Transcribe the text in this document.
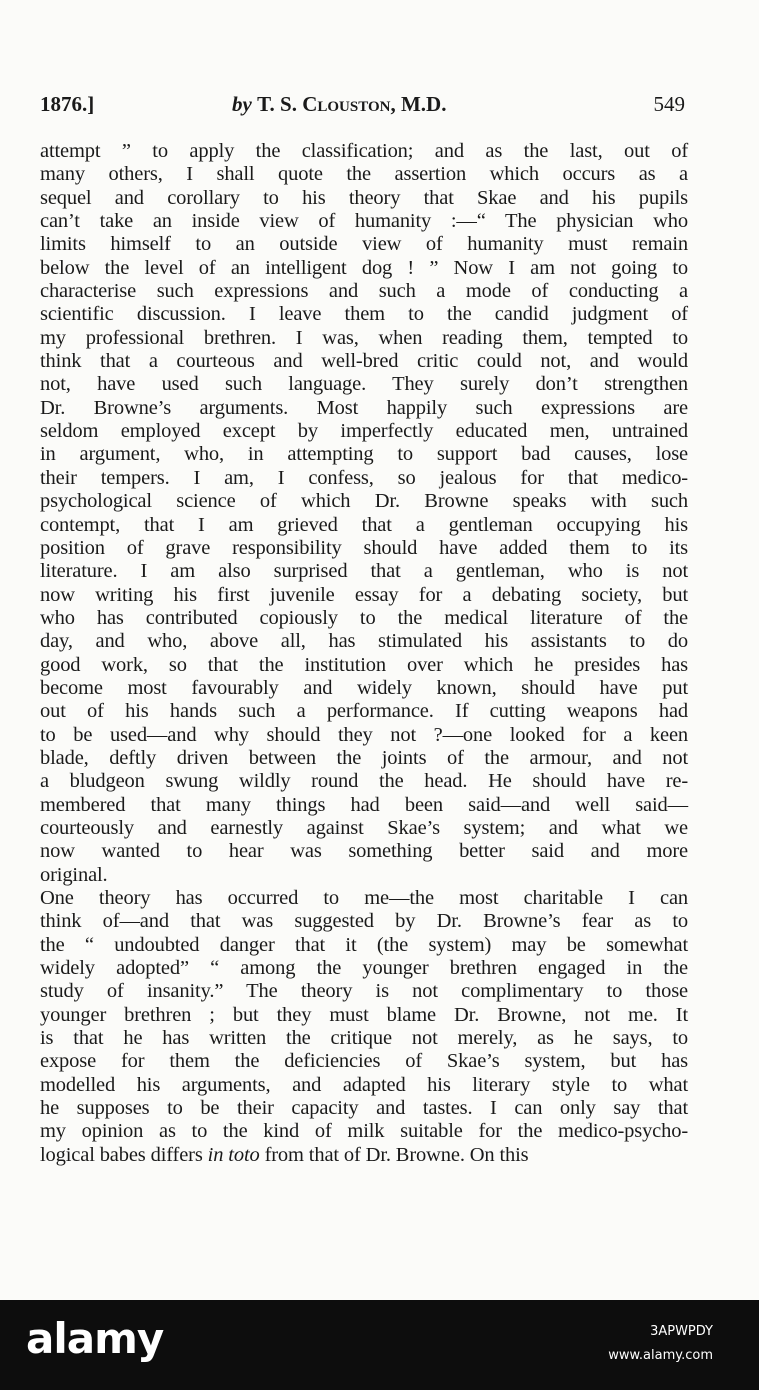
1876.]	by T. S. Clouston, M.D.	549
attempt ” to apply the classification; and as the last, out of
many others, I shall quote the assertion which occurs as a
sequel and corollary to his theory that Skae and his pupils
can’t take an inside view of humanity :—“ The physician who
limits himself to an outside view of humanity must remain
below the level of an intelligent dog ! ” Now I am not going to
characterise such expressions and such a mode of conducting a
scientific discussion. I leave them to the candid judgment of
my professional brethren. I was, when reading them, tempted to
think that a courteous and well-bred critic could not, and would
not, have used such language. They surely don’t strengthen
Dr. Browne’s arguments. Most happily such expressions are
seldom employed except by imperfectly educated men, untrained
in argument, who, in attempting to support bad causes, lose
their tempers. I am, I confess, so jealous for that medico-
psychological science of which Dr. Browne speaks with such
contempt, that I am grieved that a gentleman occupying his
position of grave responsibility should have added them to its
literature. I am also surprised that a gentleman, who is not
now writing his first juvenile essay for a debating society, but
who has contributed copiously to the medical literature of the
day, and who, above all, has stimulated his assistants to do
good work, so that the institution over which he presides has
become most favourably and widely known, should have put
out of his hands such a performance. If cutting weapons had
to be used—and why should they not ?—one looked for a keen
blade, deftly driven between the joints of the armour, and not
a bludgeon swung wildly round the head. He should have re-
membered that many things had been said—and well said—
courteously and earnestly against Skae’s system; and what we
now wanted to hear was something better said and more
original.
One theory has occurred to me—the most charitable I can
think of—and that was suggested by Dr. Browne’s fear as to
the “ undoubted danger that it (the system) may be somewhat
widely adopted” “ among the younger brethren engaged in the
study of insanity.” The theory is not complimentary to those
younger brethren ; but they must blame Dr. Browne, not me. It
is that he has written the critique not merely, as he says, to
expose for them the deficiencies of Skae’s system, but has
modelled his arguments, and adapted his literary style to what
he supposes to be their capacity and tastes. I can only say that
my opinion as to the kind of milk suitable for the medico-psycho-
logical babes differs in toto from that of Dr. Browne. On this
alamy	3APWPDY
www.alamy.com
